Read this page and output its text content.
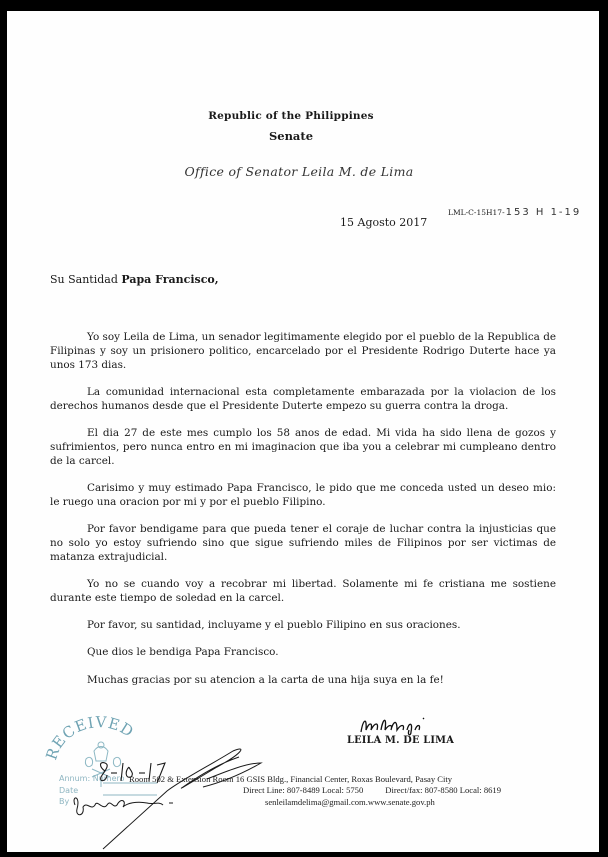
Republic of the Philippines
Senate
Office of Senator Leila M. de Lima
LML-C-15H17-153 H 1-19
15 Agosto 2017
Su Santidad Papa Francisco,

Yo soy Leila de Lima, un senador legitimamente elegido por el pueblo de la Republica de Filipinas y soy un prisionero politico, encarcelado por el Presidente Rodrigo Duterte hace ya unos 173 dias.

La comunidad internacional esta completamente embarazada por la violacion de los derechos humanos desde que el Presidente Duterte empezo su guerra contra la droga.

El dia 27 de este mes cumplo los 58 anos de edad. Mi vida ha sido llena de gozos y sufrimientos, pero nunca entro en mi imaginacion que iba you a celebrar mi cumpleano dentro de la carcel.

Carisimo y muy estimado Papa Francisco, le pido que me conceda usted un deseo mio: le ruego una oracion por mi y por el pueblo Filipino.

Por favor bendigame para que pueda tener el coraje de luchar contra la injusticias que no solo yo estoy sufriendo sino que sigue sufriendo miles de Filipinos por ser victimas de matanza extrajudicial.

Yo no se cuando voy a recobrar mi libertad. Solamente mi fe cristiana me sostiene durante este tiempo de soledad en la carcel.

Por favor, su santidad, incluyame y el pueblo Filipino en sus oraciones.

Que dios le bendiga Papa Francisco.

Muchas gracias por su atencion a la carta de una hija suya en la fe!

LEILA M. DE LIMA
RECEIVED
Annum: Numero
Date
By
Room 502 & Extension Room 16 GSIS Bldg., Financial Center, Roxas Boulevard, Pasay City
Direct Line: 807-8489 Local: 5750	Direct/fax: 807-8580 Local: 8619
senleilamdelima@gmail.com.www.senate.gov.ph
